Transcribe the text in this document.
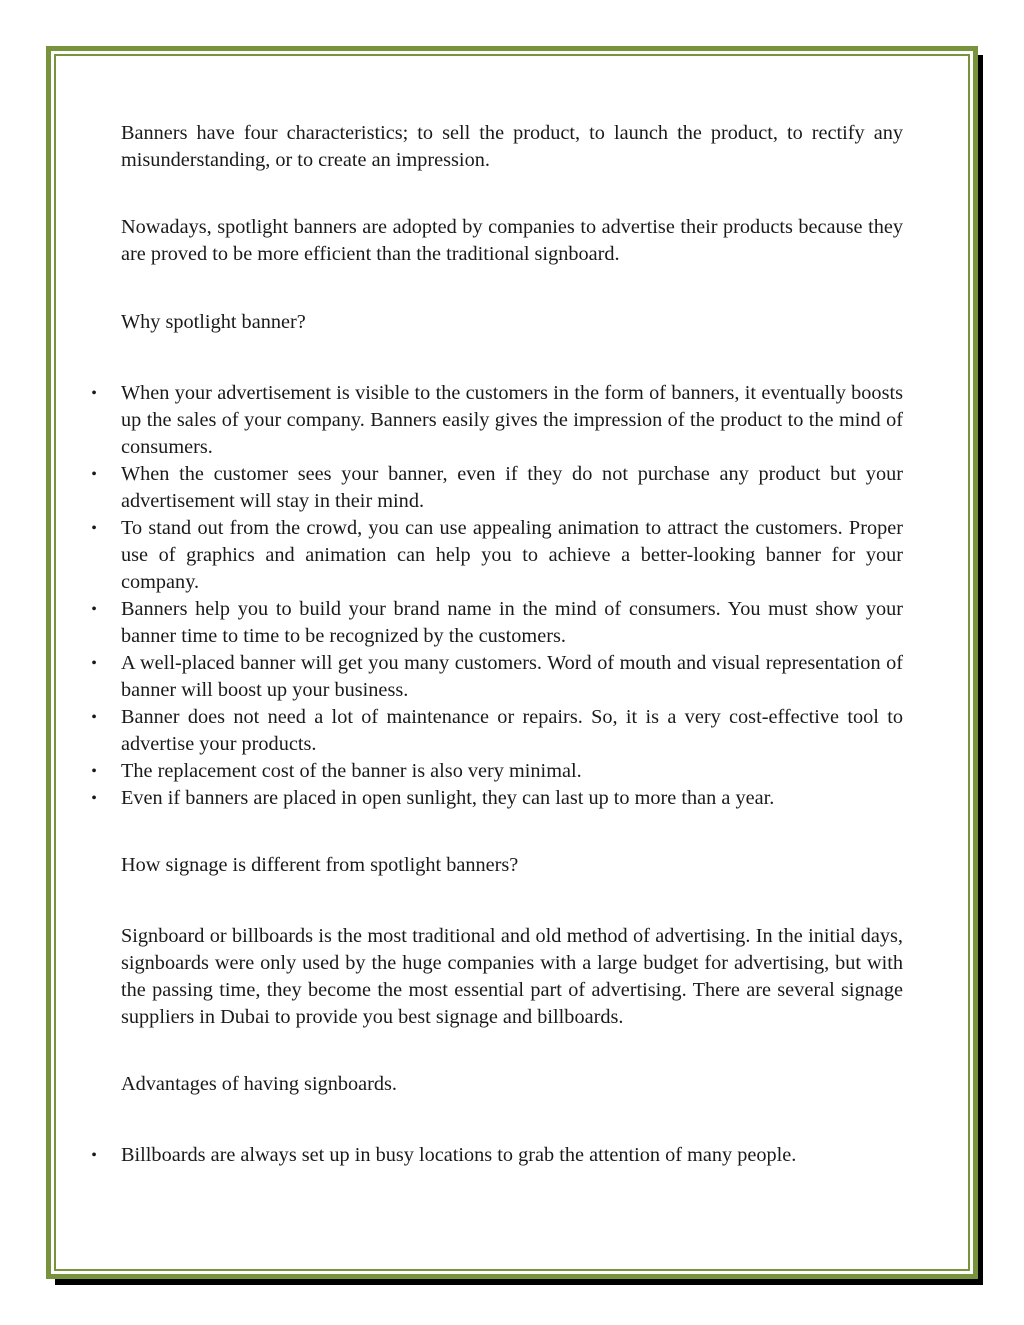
Banners have four characteristics; to sell the product, to launch the product, to rectify any misunderstanding, or to create an impression.

Nowadays, spotlight banners are adopted by companies to advertise their products because they are proved to be more efficient than the traditional signboard.

Why spotlight banner?

• When your advertisement is visible to the customers in the form of banners, it eventually boosts up the sales of your company. Banners easily gives the impression of the product to the mind of consumers.
• When the customer sees your banner, even if they do not purchase any product but your advertisement will stay in their mind.
• To stand out from the crowd, you can use appealing animation to attract the customers. Proper use of graphics and animation can help you to achieve a better-looking banner for your company.
• Banners help you to build your brand name in the mind of consumers. You must show your banner time to time to be recognized by the customers.
• A well-placed banner will get you many customers. Word of mouth and visual representation of banner will boost up your business.
• Banner does not need a lot of maintenance or repairs. So, it is a very cost-effective tool to advertise your products.
• The replacement cost of the banner is also very minimal.
• Even if banners are placed in open sunlight, they can last up to more than a year.

How signage is different from spotlight banners?

Signboard or billboards is the most traditional and old method of advertising. In the initial days, signboards were only used by the huge companies with a large budget for advertising, but with the passing time, they become the most essential part of advertising. There are several signage suppliers in Dubai to provide you best signage and billboards.

Advantages of having signboards.

• Billboards are always set up in busy locations to grab the attention of many people.
